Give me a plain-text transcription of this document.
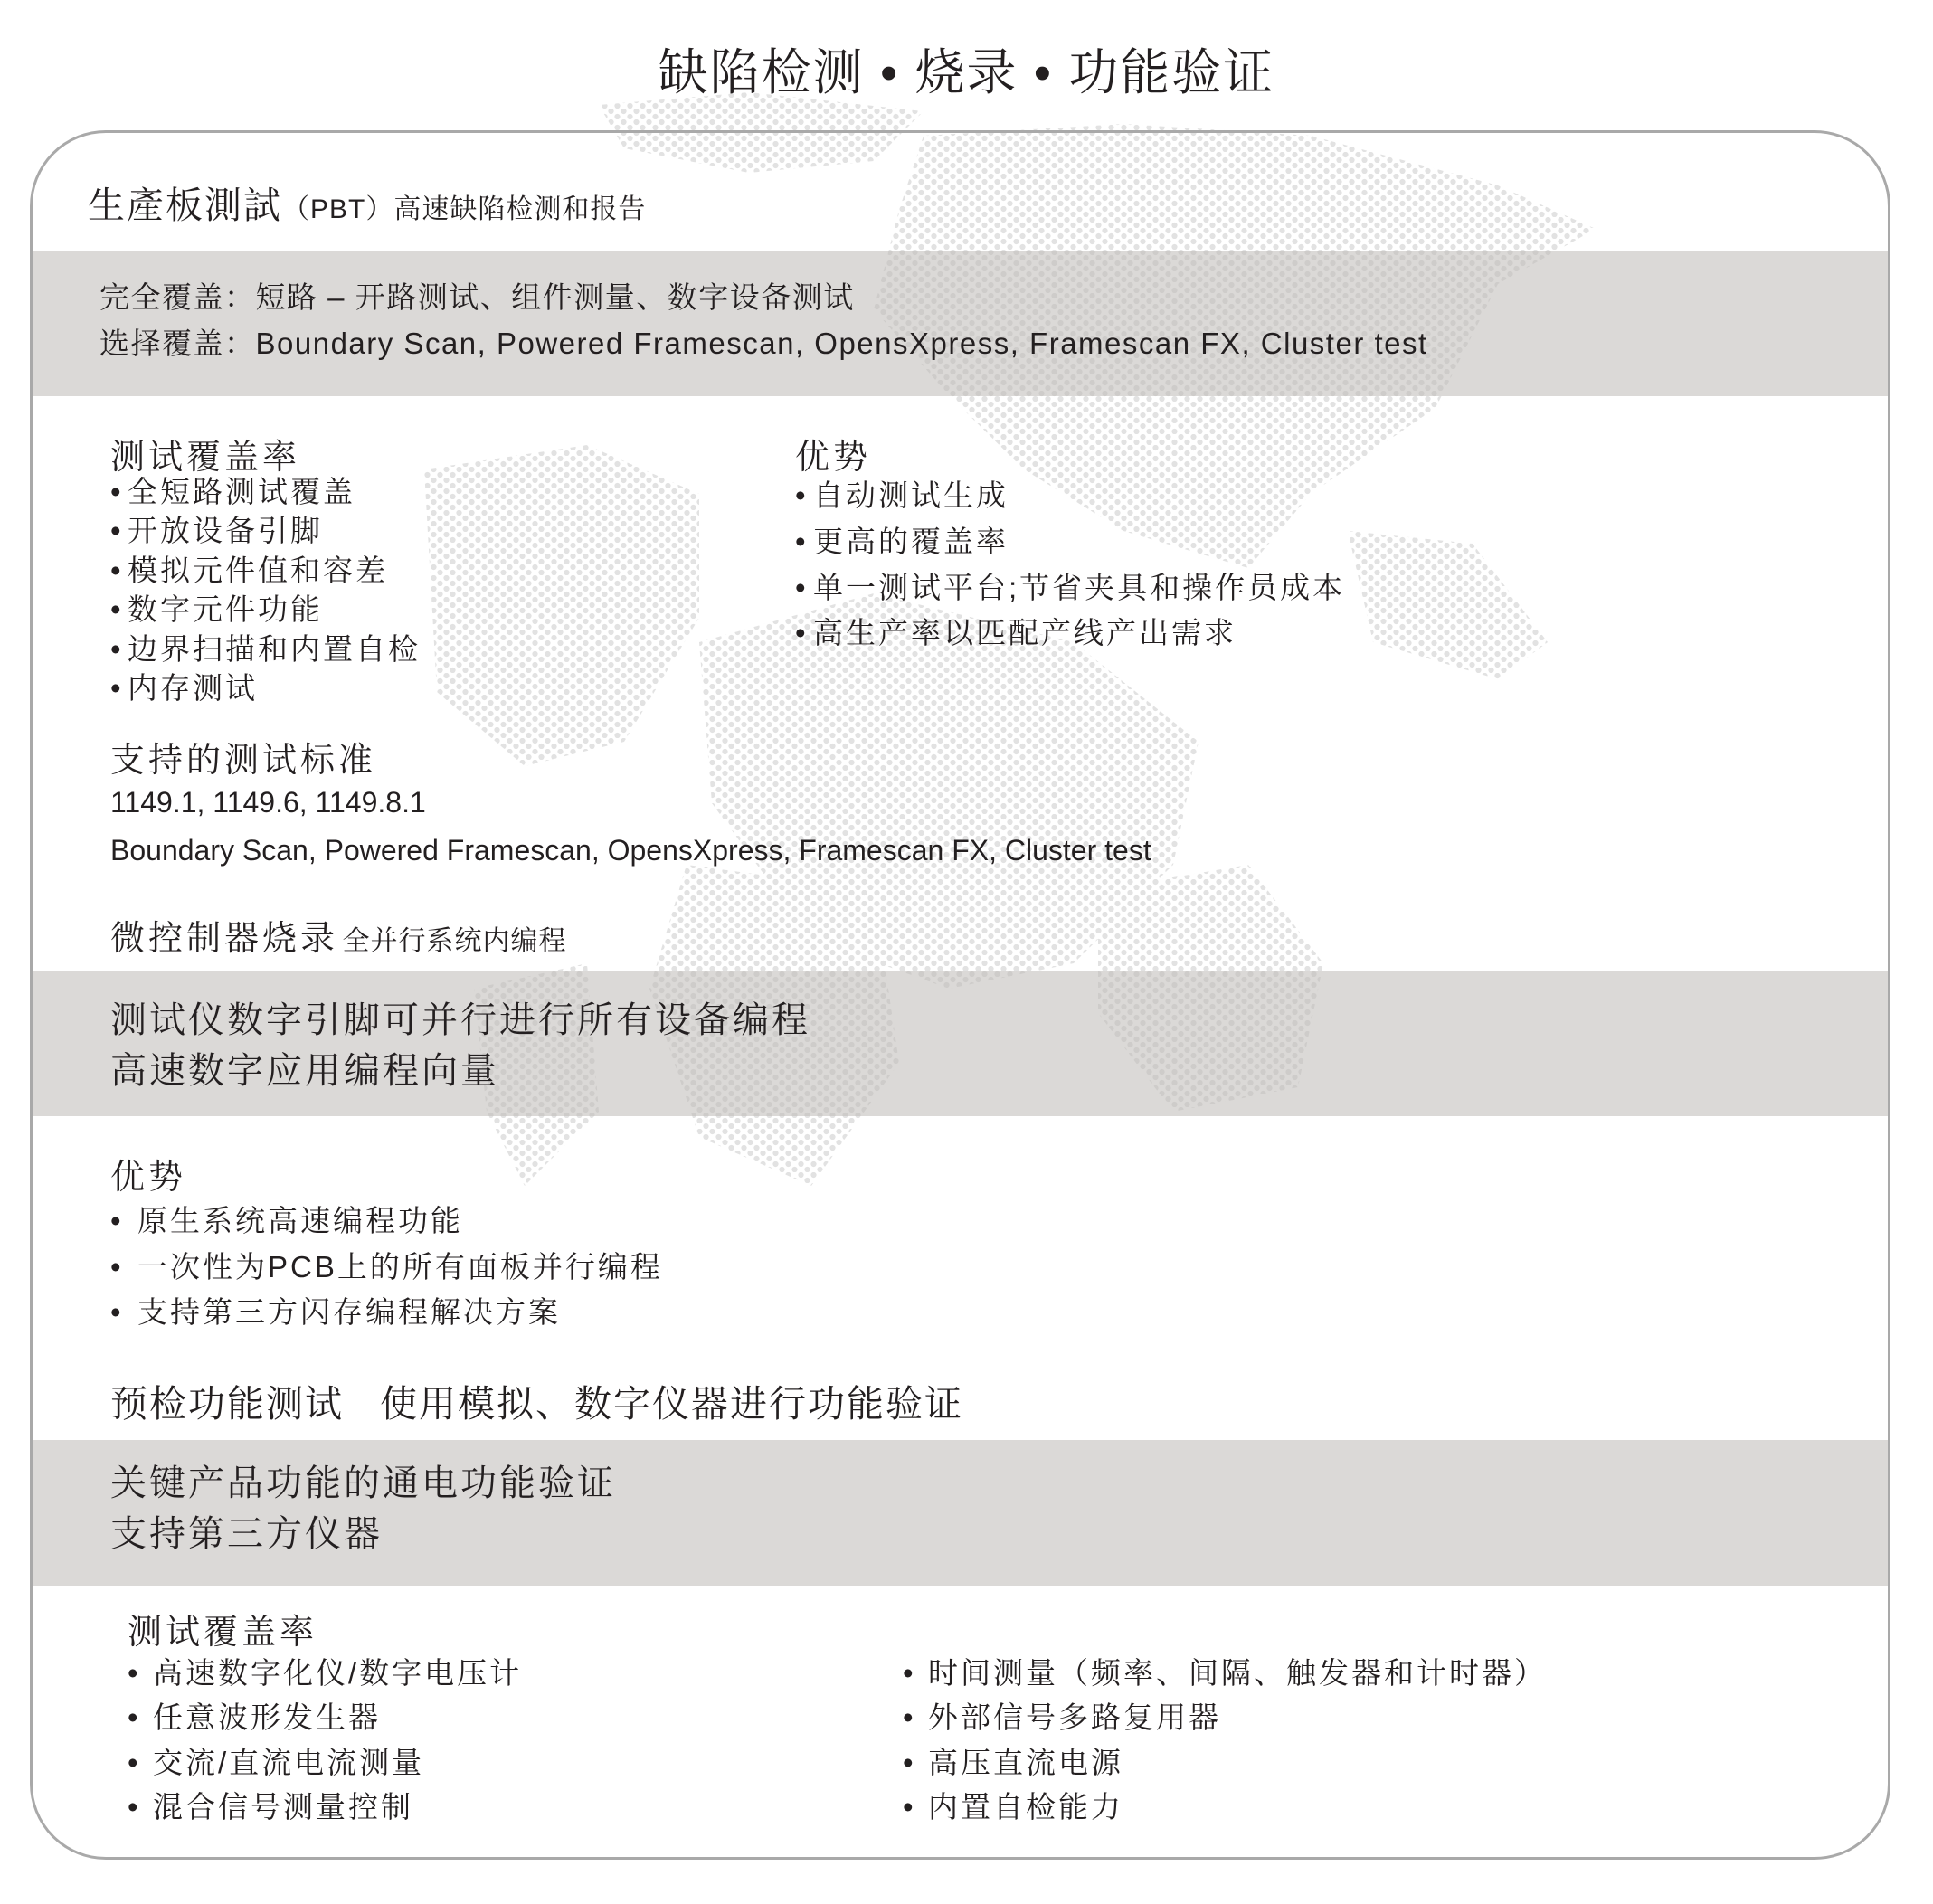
缺陷检测 • 烧录 • 功能验证
生產板測試（PBT）高速缺陷检测和报告
完全覆盖：短路 – 开路测试、组件测量、数字设备测试
选择覆盖：Boundary Scan, Powered Framescan, OpensXpress, Framescan FX, Cluster test
测试覆盖率
•
全短路测试覆盖
•
开放设备引脚
•
模拟元件值和容差
•
数字元件功能
•
边界扫描和内置自检
•
内存测试
优势
•
自动测试生成
•
更高的覆盖率
•
单一测试平台;节省夹具和操作员成本
•
高生产率以匹配产线产出需求
支持的测试标准
1149.1, 1149.6, 1149.8.1
Boundary Scan, Powered Framescan, OpensXpress, Framescan FX, Cluster test
微控制器烧录 全并行系统内编程
测试仪数字引脚可并行进行所有设备编程
高速数字应用编程向量
优势
•
原生系统高速编程功能
•
一次性为PCB上的所有面板并行编程
•
支持第三方闪存编程解决方案
预检功能测试 使用模拟、数字仪器进行功能验证
关键产品功能的通电功能验证
支持第三方仪器
测试覆盖率
•
高速数字化仪/数字电压计
•
任意波形发生器
•
交流/直流电流测量
•
混合信号测量控制
•
时间测量（频率、间隔、触发器和计时器）
•
外部信号多路复用器
•
高压直流电源
•
内置自检能力
